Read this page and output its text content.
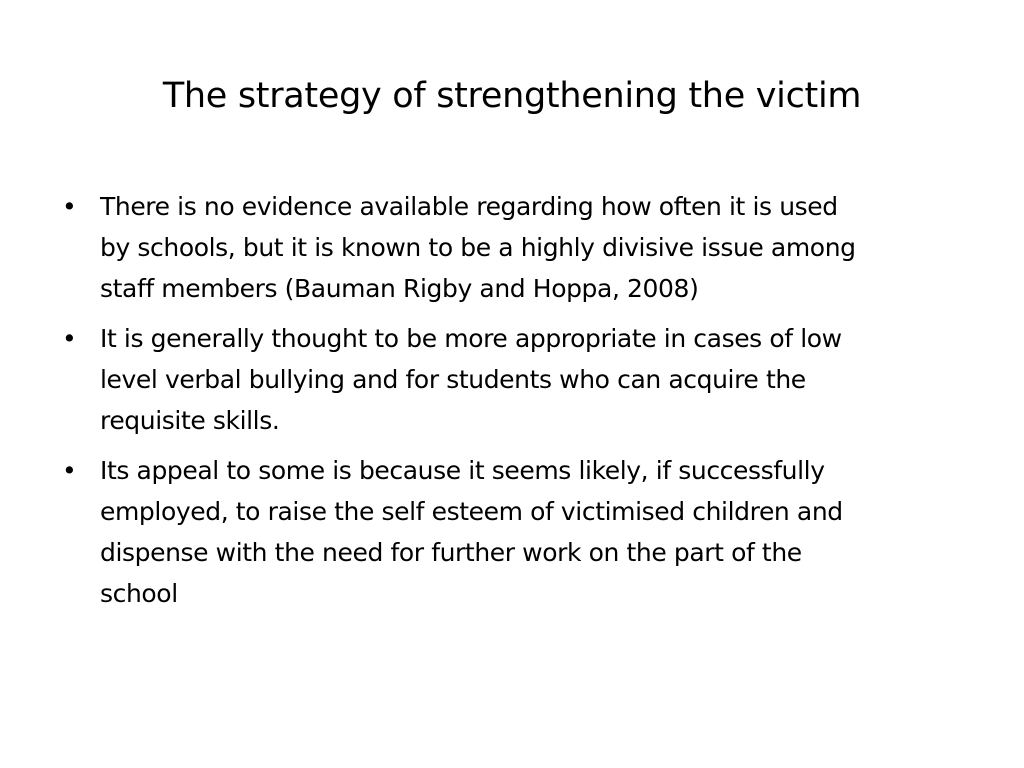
The strategy of strengthening the victim
• There is no evidence available regarding how often it is used
by schools, but it is known to be a highly divisive issue among
staff members (Bauman Rigby and Hoppa, 2008)
• It is generally thought to be more appropriate in cases of low
level verbal bullying and for students who can acquire the
requisite skills.
• Its appeal to some is because it seems likely, if successfully
employed, to raise the self esteem of victimised children and
dispense with the need for further work on the part of the
school
